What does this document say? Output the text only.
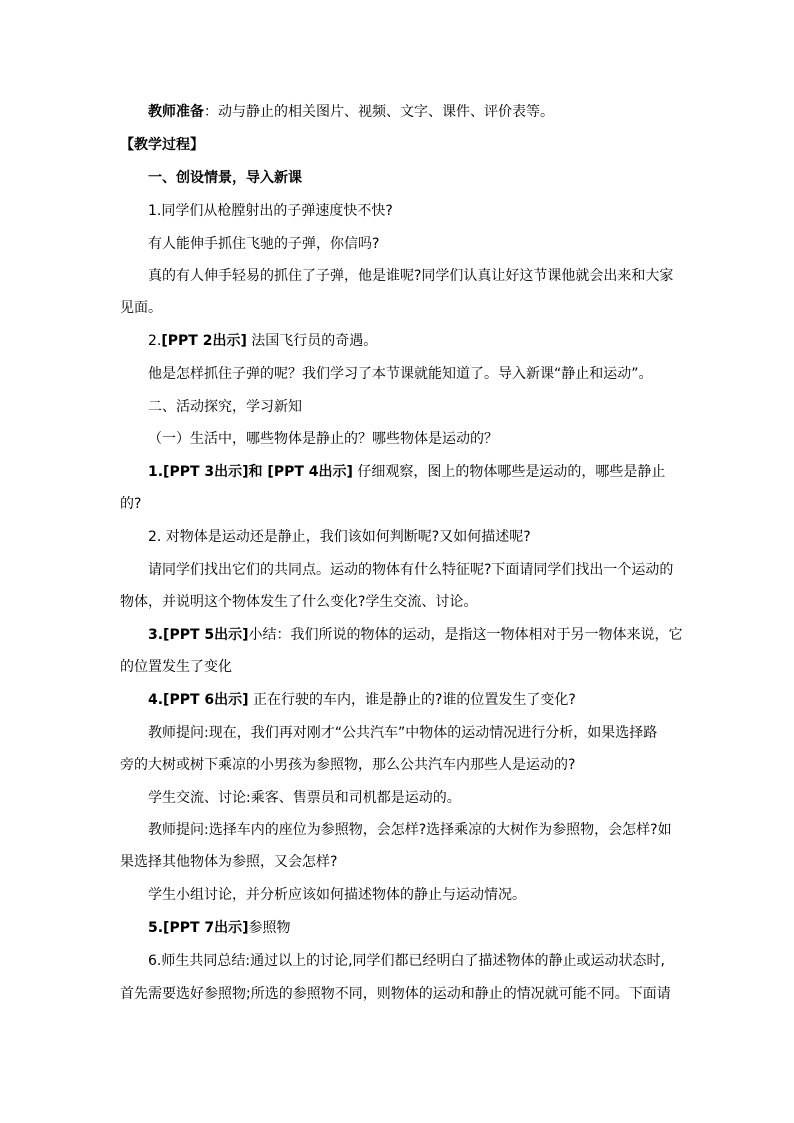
教师准备：动与静止的相关图片、视频、文字、课件、评价表等。
【教学过程】
一、创设情景，导入新课
1.同学们从枪膛射出的子弹速度快不快?
有人能伸手抓住飞驰的子弹，你信吗?
真的有人伸手轻易的抓住了子弹，他是谁呢?同学们认真让好这节课他就会出来和大家
见面。
2.[PPT 2出示] 法国飞行员的奇遇。
他是怎样抓住子弹的呢？我们学习了本节课就能知道了。导入新课“静止和运动”。
二、活动探究，学习新知
（一）生活中，哪些物体是静止的？哪些物体是运动的？
1.[PPT 3出示]和 [PPT 4出示] 仔细观察，图上的物体哪些是运动的，哪些是静止
的?
2. 对物体是运动还是静止，我们该如何判断呢?又如何描述呢?
请同学们找出它们的共同点。运动的物体有什么特征呢?下面请同学们找出一个运动的
物体，并说明这个物体发生了什么变化?学生交流、讨论。
3.[PPT 5出示]小结：我们所说的物体的运动，是指这一物体相对于另一物体来说，它
的位置发生了变化
4.[PPT 6出示] 正在行驶的车内，谁是静止的?谁的位置发生了变化?
教师提问:现在，我们再对刚才“公共汽车”中物体的运动情况进行分析，如果选择路
旁的大树或树下乘凉的小男孩为参照物，那么公共汽车内那些人是运动的?
学生交流、讨论:乘客、售票员和司机都是运动的。
教师提问:选择车内的座位为参照物，会怎样?选择乘凉的大树作为参照物，会怎样?如
果选择其他物体为参照，又会怎样?
学生小组讨论，并分析应该如何描述物体的静止与运动情况。
5.[PPT 7出示]参照物
6.师生共同总结:通过以上的讨论,同学们都已经明白了描述物体的静止或运动状态时,
首先需要选好参照物;所选的参照物不同，则物体的运动和静止的情况就可能不同。下面请
